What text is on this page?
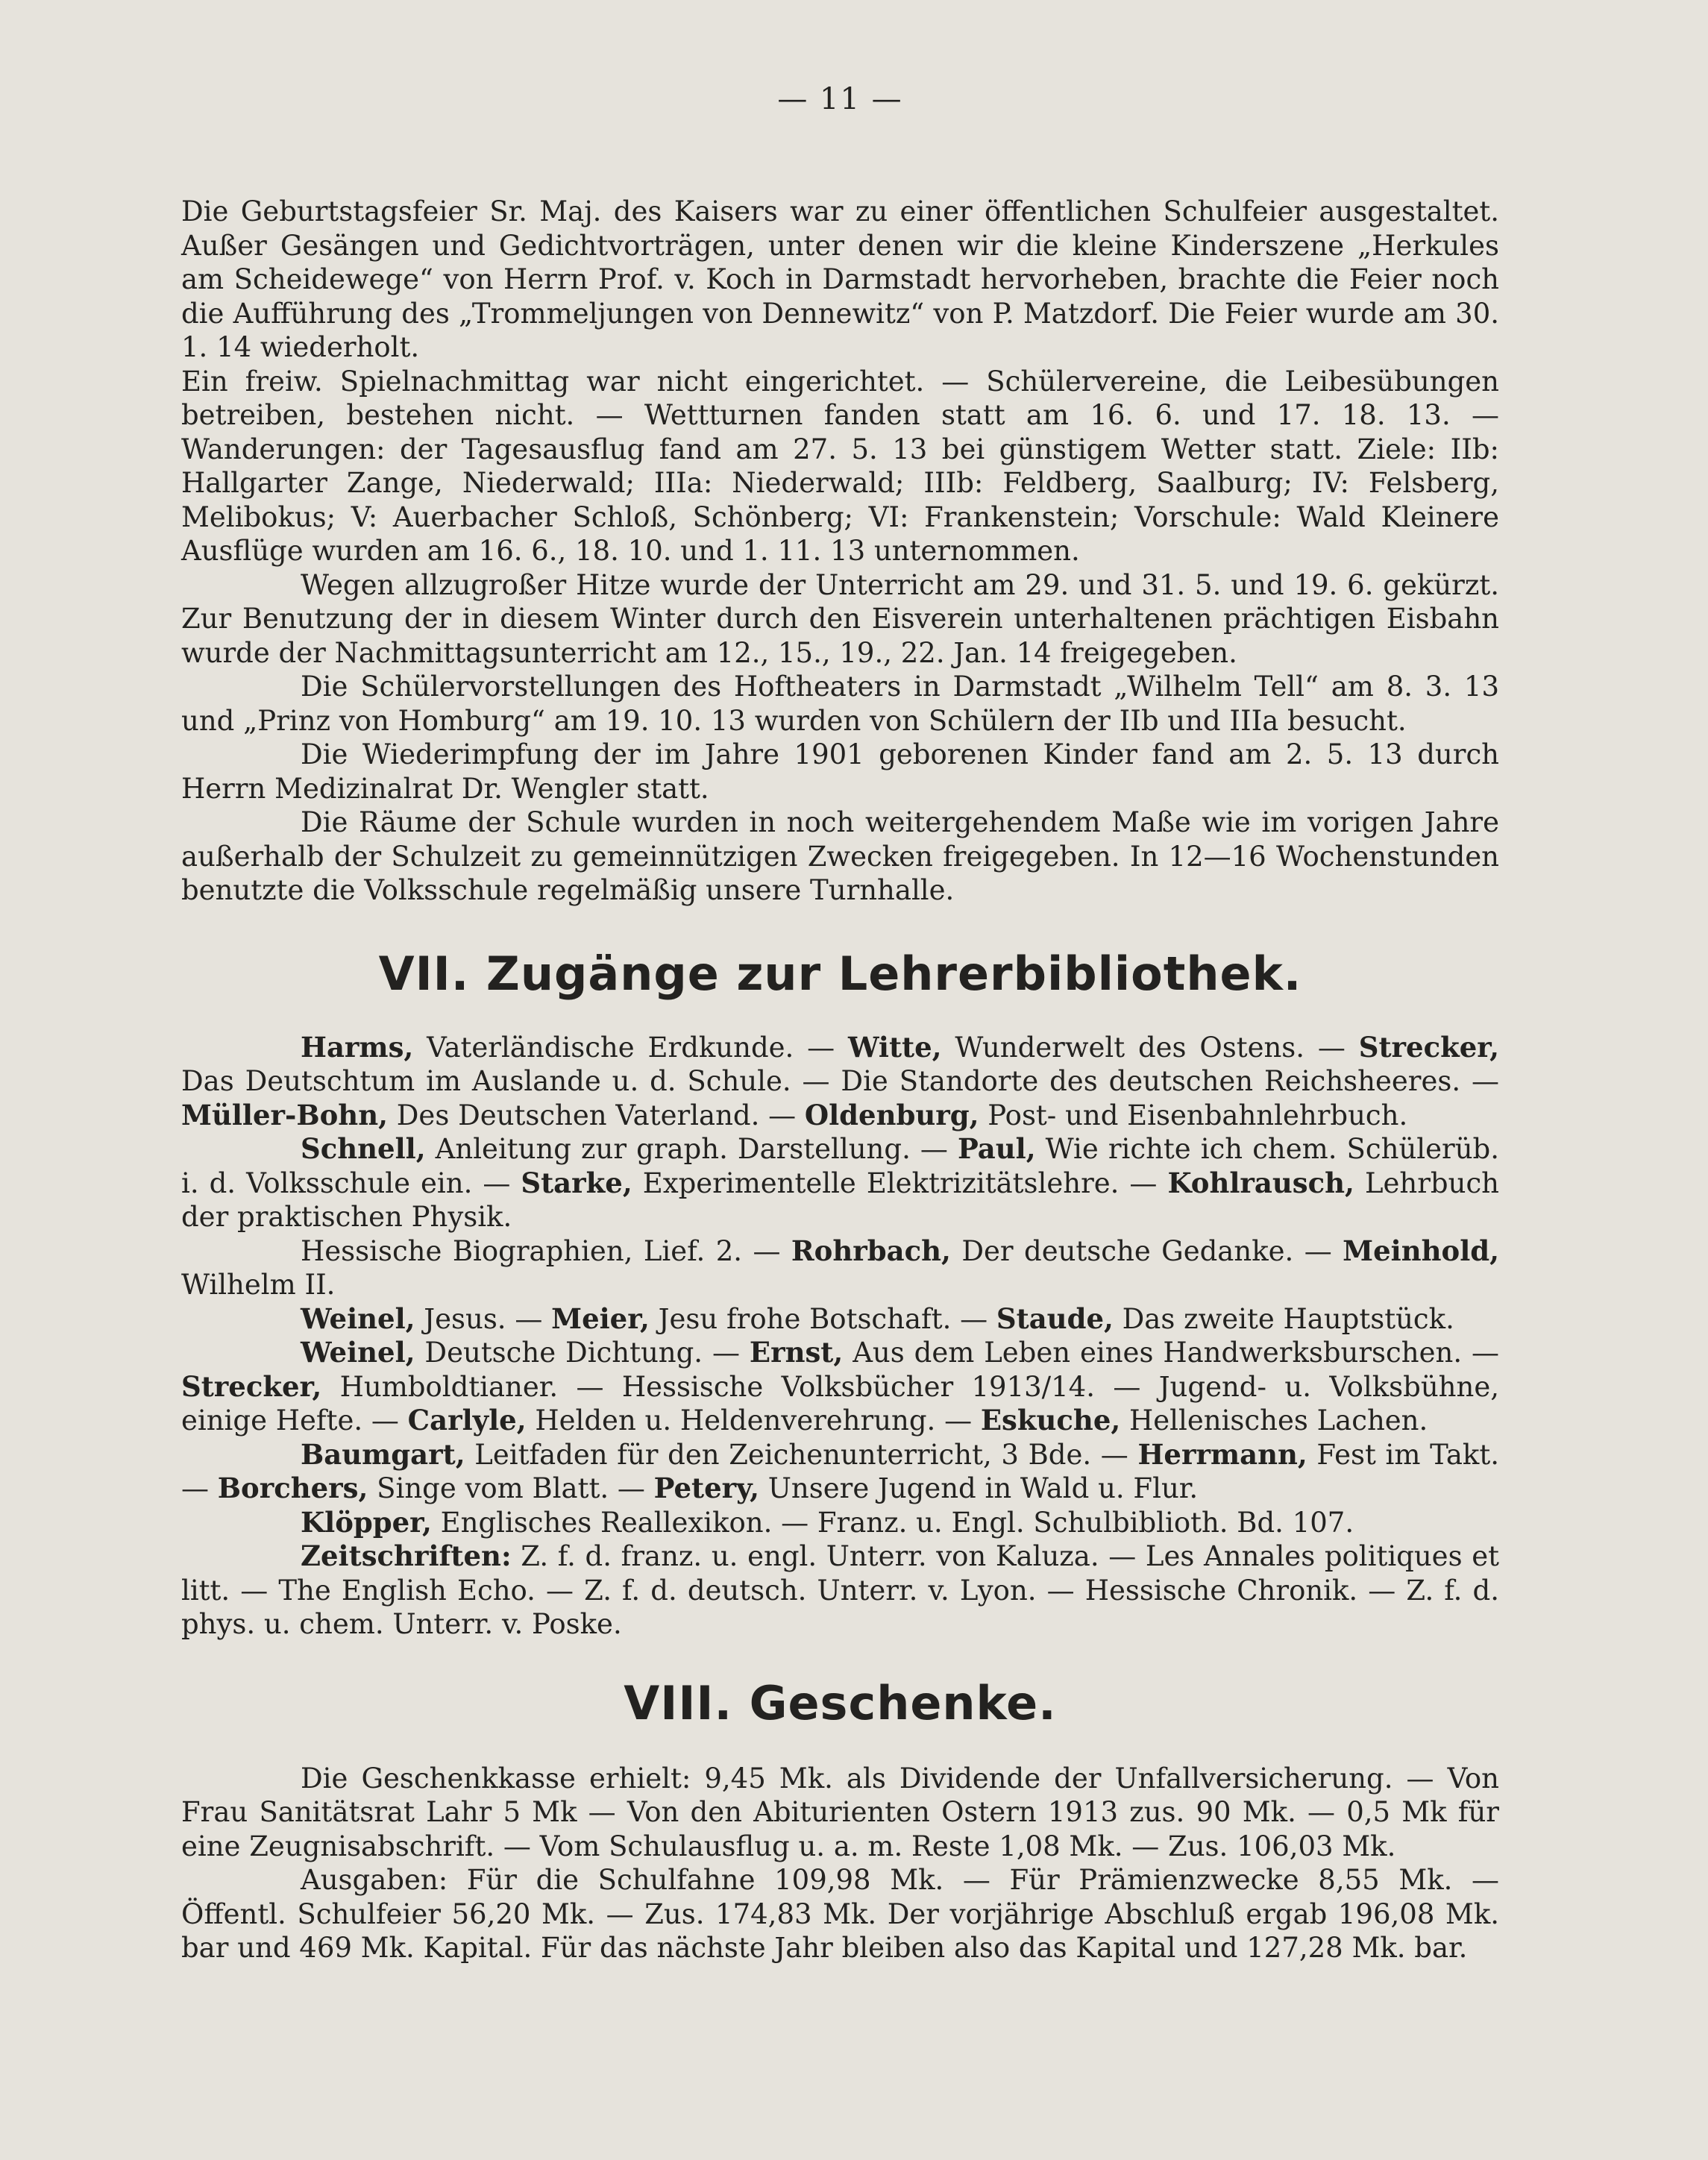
— 11 —

Die Geburtstagsfeier Sr. Maj. des Kaisers war zu einer öffentlichen Schulfeier ausgestaltet. Außer Gesängen und Gedichtvorträgen, unter denen wir die kleine Kinderszene „Herkules am Scheidewege“ von Herrn Prof. v. Koch in Darmstadt hervorheben, brachte die Feier noch die Aufführung des „Trommeljungen von Dennewitz“ von P. Matzdorf. Die Feier wurde am 30. 1. 14 wiederholt.

Ein freiw. Spielnachmittag war nicht eingerichtet. — Schülervereine, die Leibesübungen betreiben, bestehen nicht. — Wettturnen fanden statt am 16. 6. und 17. 18. 13. — Wanderungen: der Tagesausflug fand am 27. 5. 13 bei günstigem Wetter statt. Ziele: IIb: Hallgarter Zange, Niederwald; IIIa: Niederwald; IIIb: Feldberg, Saalburg; IV: Felsberg, Melibokus; V: Auerbacher Schloß, Schönberg; VI: Frankenstein; Vorschule: Wald Kleinere Ausflüge wurden am 16. 6., 18. 10. und 1. 11. 13 unternommen.

Wegen allzugroßer Hitze wurde der Unterricht am 29. und 31. 5. und 19. 6. gekürzt. Zur Benutzung der in diesem Winter durch den Eisverein unterhaltenen prächtigen Eisbahn wurde der Nachmittagsunterricht am 12., 15., 19., 22. Jan. 14 freigegeben.

Die Schülervorstellungen des Hoftheaters in Darmstadt „Wilhelm Tell“ am 8. 3. 13 und „Prinz von Homburg“ am 19. 10. 13 wurden von Schülern der IIb und IIIa besucht.

Die Wiederimpfung der im Jahre 1901 geborenen Kinder fand am 2. 5. 13 durch Herrn Medizinalrat Dr. Wengler statt.

Die Räume der Schule wurden in noch weitergehendem Maße wie im vorigen Jahre außerhalb der Schulzeit zu gemeinnützigen Zwecken freigegeben. In 12—16 Wochenstunden benutzte die Volksschule regelmäßig unsere Turnhalle.

VII. Zugänge zur Lehrerbibliothek.

Harms, Vaterländische Erdkunde. — Witte, Wunderwelt des Ostens. — Strecker, Das Deutschtum im Auslande u. d. Schule. — Die Standorte des deutschen Reichsheeres. — Müller-Bohn, Des Deutschen Vaterland. — Oldenburg, Post- und Eisenbahnlehrbuch.

Schnell, Anleitung zur graph. Darstellung. — Paul, Wie richte ich chem. Schülerüb. i. d. Volksschule ein. — Starke, Experimentelle Elektrizitätslehre. — Kohlrausch, Lehrbuch der praktischen Physik.

Hessische Biographien, Lief. 2. — Rohrbach, Der deutsche Gedanke. — Meinhold, Wilhelm II.

Weinel, Jesus. — Meier, Jesu frohe Botschaft. — Staude, Das zweite Hauptstück.

Weinel, Deutsche Dichtung. — Ernst, Aus dem Leben eines Handwerksburschen. — Strecker, Humboldtianer. — Hessische Volksbücher 1913/14. — Jugend- u. Volksbühne, einige Hefte. — Carlyle, Helden u. Heldenverehrung. — Eskuche, Hellenisches Lachen.

Baumgart, Leitfaden für den Zeichenunterricht, 3 Bde. — Herrmann, Fest im Takt. — Borchers, Singe vom Blatt. — Petery, Unsere Jugend in Wald u. Flur.

Klöpper, Englisches Reallexikon. — Franz. u. Engl. Schulbiblioth. Bd. 107.

Zeitschriften: Z. f. d. franz. u. engl. Unterr. von Kaluza. — Les Annales politiques et litt. — The English Echo. — Z. f. d. deutsch. Unterr. v. Lyon. — Hessische Chronik. — Z. f. d. phys. u. chem. Unterr. v. Poske.

VIII. Geschenke.

Die Geschenkkasse erhielt: 9,45 Mk. als Dividende der Unfallversicherung. — Von Frau Sanitätsrat Lahr 5 Mk — Von den Abiturienten Ostern 1913 zus. 90 Mk. — 0,5 Mk für eine Zeugnisabschrift. — Vom Schulausflug u. a. m. Reste 1,08 Mk. — Zus. 106,03 Mk.

Ausgaben: Für die Schulfahne 109,98 Mk. — Für Prämienzwecke 8,55 Mk. — Öffentl. Schulfeier 56,20 Mk. — Zus. 174,83 Mk. Der vorjährige Abschluß ergab 196,08 Mk. bar und 469 Mk. Kapital. Für das nächste Jahr bleiben also das Kapital und 127,28 Mk. bar.
